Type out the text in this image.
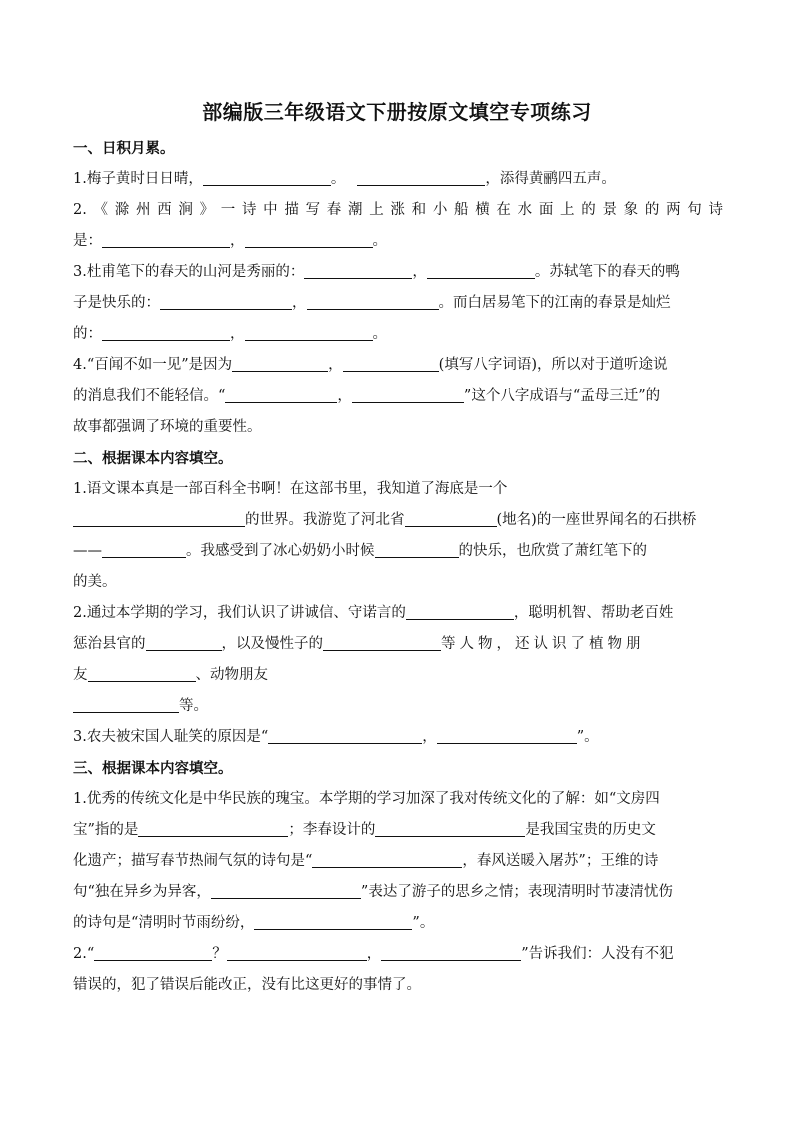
部编版三年级语文下册按原文填空专项练习
一、日积月累。
1.梅子黄时日日晴，	。	，添得黄鹂四五声。
2.《滁州西涧》一诗中描写春潮上涨和小船横在水面上的景象的两句诗
是：	，	。
3.杜甫笔下的春天的山河是秀丽的：	，	。苏轼笔下的春天的鸭
子是快乐的：	，	。而白居易笔下的江南的春景是灿烂
的：	，	。
4.“百闻不如一见”是因为	，	(填写八字词语)，所以对于道听途说
的消息我们不能轻信。“	，	”这个八字成语与“孟母三迁”的
故事都强调了环境的重要性。
二、根据课本内容填空。
1.语文课本真是一部百科全书啊！在这部书里，我知道了海底是一个
的世界。我游览了河北省	(地名)的一座世界闻名的石拱桥
——	。我感受到了冰心奶奶小时候	的快乐，也欣赏了萧红笔下的
的美。
2.通过本学期的学习，我们认识了讲诚信、守诺言的	，聪明机智、帮助老百姓
惩治县官的	，以及慢性子的	等人物，还认识了植物朋
友	、动物朋友
等。
3.农夫被宋国人耻笑的原因是“	，	”。
三、根据课本内容填空。
1.优秀的传统文化是中华民族的瑰宝。本学期的学习加深了我对传统文化的了解：如“文房四
宝”指的是	；李春设计的	是我国宝贵的历史文
化遗产；描写春节热闹气氛的诗句是“	，春风送暖入屠苏”；王维的诗
句“独在异乡为异客，	”表达了游子的思乡之情；表现清明时节凄清忧伤
的诗句是“清明时节雨纷纷，	”。
2.“	？	，	”告诉我们：人没有不犯
错误的，犯了错误后能改正，没有比这更好的事情了。
